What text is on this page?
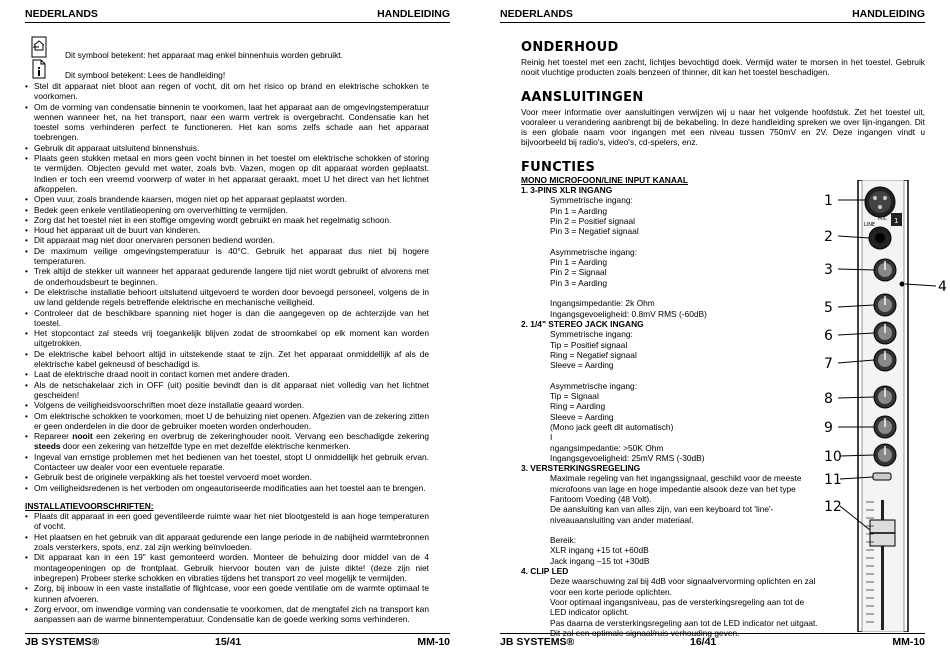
NEDERLANDS	HANDLEIDING
Dit symbool betekent: het apparaat mag enkel binnenhuis worden gebruikt.
Dit symbool betekent: Lees de handleiding!
• Stel dit apparaat niet bloot aan regen of vocht, dit om het risico op brand en elektrische schokken te voorkomen.
• Om de vorming van condensatie binnenin te voorkomen, laat het apparaat aan de omgevingstemperatuur wennen wanneer het, na het transport, naar een warm vertrek is overgebracht. Condensatie kan het toestel soms verhinderen perfect te functioneren. Het kan soms zelfs schade aan het apparaat toebrengen.
• Gebruik dit apparaat uitsluitend binnenshuis.
• Plaats geen stukken metaal en mors geen vocht binnen in het toestel om elektrische schokken of storing te vermijden. Objecten gevuld met water, zoals bvb. Vazen, mogen op dit apparaat worden geplaatst. Indien er toch een vreemd voorwerp of water in het apparaat geraakt, moet U het direct van het lichtnet afkoppelen.
• Open vuur, zoals brandende kaarsen, mogen niet op het apparaat geplaatst worden.
• Bedek geen enkele ventilatieopening om oververhitting te vermijden.
• Zorg dat het toestel niet in een stoffige omgeving wordt gebruikt en maak het regelmatig schoon.
• Houd het apparaat uit de buurt van kinderen.
• Dit apparaat mag niet door onervaren personen bediend worden.
• De maximum veilige omgevingstemperatuur is 40°C. Gebruik het apparaat dus niet bij hogere temperaturen.
• Trek altijd de stekker uit wanneer het apparaat gedurende langere tijd niet wordt gebruikt of alvorens met de onderhoudsbeurt te beginnen.
• De elektrische installatie behoort uitsluitend uitgevoerd te worden door bevoegd personeel, volgens de in uw land geldende regels betreffende elektrische en mechanische veiligheid.
• Controleer dat de beschikbare spanning niet hoger is dan die aangegeven op de achterzijde van het toestel.
• Het stopcontact zal steeds vrij toegankelijk blijven zodat de stroomkabel op elk moment kan worden uitgetrokken.
• De elektrische kabel behoort altijd in uitstekende staat te zijn. Zet het apparaat onmiddellijk af als de elektrische kabel gekneusd of beschadigd is.
• Laat de elektrische draad nooit in contact komen met andere draden.
• Als de netschakelaar zich in OFF (uit) positie bevindt dan is dit apparaat niet volledig van het lichtnet gescheiden!
• Volgens de veiligheidsvoorschriften moet deze installatie geaard worden.
• Om elektrische schokken te voorkomen, moet U de behuizing niet openen. Afgezien van de zekering zitten er geen onderdelen in die door de gebruiker moeten worden onderhouden.
• Repareer nooit een zekering en overbrug de zekeringhouder nooit. Vervang een beschadigde zekering steeds door een zekering van hetzelfde type en met dezelfde elektrische kenmerken.
• Ingeval van ernstige problemen met het bedienen van het toestel, stopt U onmiddellijk het gebruik ervan. Contacteer uw dealer voor een eventuele reparatie.
• Gebruik best de originele verpakking als het toestel vervoerd moet worden.
• Om veiligheidsredenen is het verboden om ongeautoriseerde modificaties aan het toestel aan te brengen.
INSTALLATIEVOORSCHRIFTEN:
• Plaats dit apparaat in een goed geventileerde ruimte waar het niet blootgesteld is aan hoge temperaturen of vocht.
• Het plaatsen en het gebruik van dit apparaat gedurende een lange periode in de nabijheid warmtebronnen zoals versterkers, spots, enz. zal zijn werking beïnvloeden.
• Dit apparaat kan in een 19" kast gemonteerd worden. Monteer de behuizing door middel van de 4 montageopeningen op de frontplaat. Gebruik hiervoor bouten van de juiste dikte! (deze zijn niet inbegrepen) Probeer sterke schokken en vibraties tijdens het transport zo veel mogelijk te vermijden.
• Zorg, bij inbouw in een vaste installatie of flightcase, voor een goede ventilatie om de warmte optimaal te kunnen afvoeren.
• Zorg ervoor, om inwendige vorming van condensatie te voorkomen, dat de mengtafel zich na transport kan aanpassen aan de warme binnentemperatuur. Condensatie kan de goede werking soms verhinderen.
JB SYSTEMS®	15/41	MM-10
NEDERLANDS	HANDLEIDING
JB SYSTEMS®	16/41	MM-10
ONDERHOUD
Reinig het toestel met een zacht, lichtjes bevochtigd doek. Vermijd water te morsen in het toestel. Gebruik nooit vluchtige producten zoals benzeen of thinner, dit kan het toestel beschadigen.
AANSLUITINGEN
Voor meer informatie over aansluitingen verwijzen wij u naar het volgende hoofdstuk. Zet het toestel uit, vooraleer u verandering aanbrengt bij de bekabeling. In deze handleiding spreken we over lijn-ingangen. Dit is een globale naam voor ingangen met een niveau tussen 750mV en 2V. Deze ingangen vindt u bijvoorbeeld bij radio's, video's, cd-spelers, enz.
FUNCTIES
MONO MICROFOON/LINE INPUT KANAAL
1. 3-PINS XLR INGANG
Symmetrische ingang:
Pin 1 = Aarding
Pin 2 = Positief signaal
Pin 3 = Negatief signaal

Asymmetrische ingang:
Pin 1 = Aarding
Pin 2 = Signaal
Pin 3 = Aarding

Ingangsimpedantie: 2k Ohm
Ingangsgevoeligheid: 0.8mV RMS (-60dB)
2. 1/4" STEREO JACK INGANG
Symmetrische ingang:
Tip = Positief signaal
Ring = Negatief signaal
Sleeve = Aarding

Asymmetrische ingang:
Tip = Signaal
Ring = Aarding
Sleeve = Aarding
(Mono jack geeft dit automatisch)
I
ngangsimpedantie: >50K Ohm
Ingangsgevoeligheid: 25mV RMS (-30dB)
3. VERSTERKINGSREGELING
Maximale regeling van het ingangssignaal, geschikt voor de meeste
microfoons van lage en hoge impedantie alsook deze van het type
Fantoom Voeding (48 Volt).
De aansluiting kan van alles zijn, van een keyboard tot 'line'-
niveauaansluiting van ander materiaal.

Bereik:
XLR ingang +15 tot +60dB
Jack ingang –15 tot +30dB
4. CLIP LED
Deze waarschuwing zal bij 4dB voor signaalvervorming oplichten en zal
voor een korte periode oplichten.
Voor optimaal ingangsniveau, pas de versterkingsregeling aan tot de
LED indicator oplicht.
Pas daarna de versterkingsregeling aan tot de LED indicator net uitgaat.
Dit zal een optimale signaal/ruis verhouding geven.
LINE
MIC 1
1
2
3
4
5
6
7
8
9
10
11
12
